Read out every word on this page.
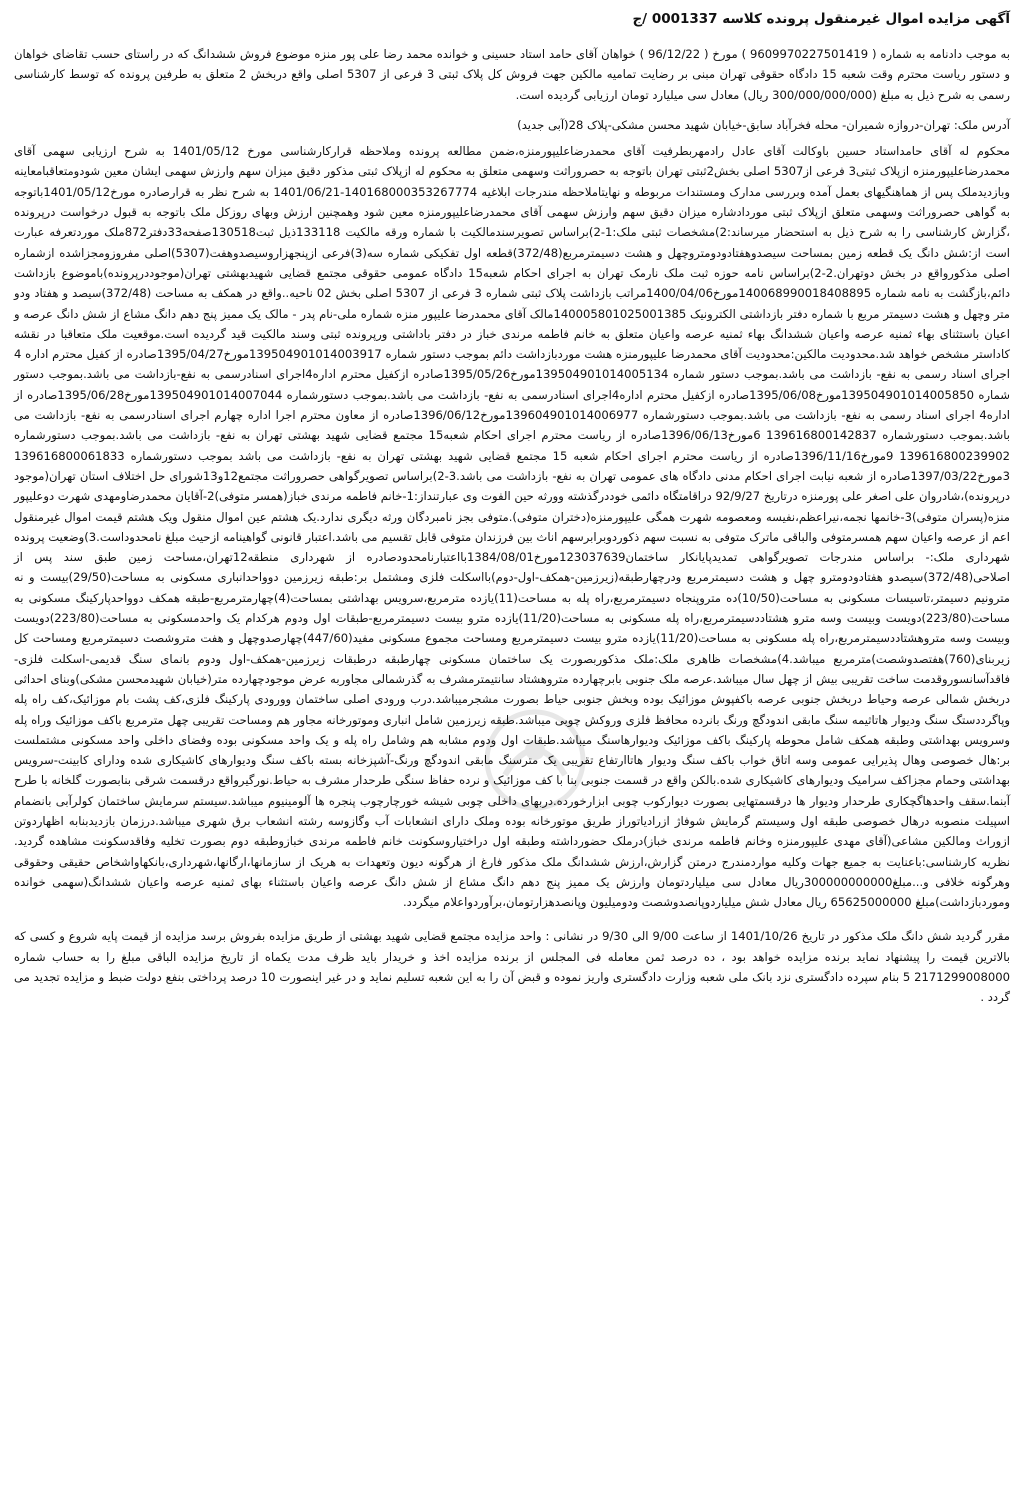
آگهی مزایده اموال غیرمنقول پرونده کلاسه 0001337 /ج

به موجب دادنامه به شماره ( 9609970227501419 ) مورخ ( 96/12/22 ) خواهان آقای حامد استاد حسینی و خوانده محمد رضا علی پور منزه موضوع فروش ششدانگ که در راستای حسب تقاضای خواهان و دستور ریاست محترم وقت شعبه 15 دادگاه حقوقی تهران مبنی بر رضایت تمامیه مالکین جهت فروش کل پلاک ثبتی 3 فرعی از 5307 اصلی واقع دربخش 2 متعلق به طرفین پرونده که توسط کارشناسی رسمی به شرح ذیل به مبلغ (300/000/000/000 ریال) معادل سی میلیارد تومان ارزیابی گردیده است.

آدرس ملک: تهران-دروازه شمیران- محله فخرآباد سابق-خیابان شهید محسن مشکی-پلاک 28(آبی جدید)

محکوم له آقای حامداستاد حسین باوکالت آقای عادل رادمهربطرفیت آقای محمدرضاعلیپورمنزه،ضمن مطالعه پرونده وملاحظه قرارکارشناسی مورخ 1401/05/12 به شرح ارزیابی سهمی آقای محمدرضاعلیپورمنزه ازپلاک ثبتی3 فرعی از5307 اصلی بخش2ثبتی تهران باتوجه به حصروراثت وسهمی متعلق به محکوم له ازپلاک ثبتی مذکور دقیق میزان سهم وارزش سهمی ایشان معین شودومتعاقبامعاینه وبازدیدملک پس از هماهنگیهای بعمل آمده وبررسی مدارک ومستندات مربوطه و نهایتاملاحظه مندرجات ابلاغیه 140168000353267774-1401/06/21 به شرح نظر به قرارصادره مورخ1401/05/12باتوجه به گواهی حصروراثت وسهمی متعلق ازپلاک ثبتی موردادشاره میزان دقیق سهم وارزش سهمی آقای محمدرضاعلیپورمنزه معین شود وهمچنین ارزش وبهای روزکل ملک باتوجه به قبول درخواست درپرونده ،گزارش کارشناسی را به شرح ذیل به استحضار میرساند:2)مشخصات ثبتی ملک:1-2)براساس تصویرسندمالکیت با شماره ورقه مالکیت 133118ذیل ثبت130518صفحه33دفتر872ملک موردتعرفه عبارت است از:شش دانگ یک قطعه زمین بمساحت سیصدوهفتادودومتروچهل و هشت دسیمترمربع(372/48)قطعه اول تفکیکی شماره سه(3)فرعی ازپنجهزاروسیصدوهفت(5307)اصلی مفروزومجزاشده ازشماره اصلی مذکورواقع در بخش دوتهران.2-2)براساس نامه حوزه ثبت ملک نارمک تهران به اجرای احکام شعبه15 دادگاه عمومی حقوقی مجتمع قضایی شهیدبهشتی تهران(موجوددرپرونده)باموضوع بازداشت دائم،بازگشت به نامه شماره 140068990018408895مورخ1400/04/06مراتب بازداشت پلاک ثبتی شماره 3 فرعی از 5307 اصلی بخش 02 ناحیه..واقع در همکف به مساحت (372/48)سیصد و هفتاد ودو متر وچهل و هشت دسیمتر مربع با شماره دفتر بازداشتی الکترونیک 140005801025001385مالک آقای محمدرضا علیپور منزه شماره ملی-نام پدر - مالک یک ممیز پنج دهم دانگ مشاع از شش دانگ عرصه و اعیان باستثنای بهاء ثمنیه عرصه واعیان ششدانگ بهاء ثمنیه عرصه واعیان متعلق به خانم فاطمه مرندی خباز در دفتر باداشتی ورپرونده ثبتی وسند مالکیت قید گردیده است.موقعیت ملک متعاقبا در نقشه کاداستر مشخص خواهد شد.محدودیت مالکین:محدودیت آقای محمدرضا علیپورمنزه هشت موردبازداشت دائم بموجب دستور شماره 139504901014003917مورخ1395/04/27صادره از کفیل محترم اداره 4 اجرای اسناد رسمی به نفع- بازداشت می باشد.بموجب دستور شماره 139504901014005134مورخ1395/05/26صادره ازکفیل محترم اداره4اجرای اسنادرسمی به نفع-بازداشت می باشد.بموجب دستور شماره 139504901014005850مورخ1395/06/08صادره ازکفیل محترم اداره4اجرای اسنادرسمی به نفع- بازداشت می باشد.بموجب دستورشماره 139504901014007044مورخ1395/06/28صادره از اداره4 اجرای اسناد رسمی به نفع- بازداشت می باشد.بموجب دستورشماره 139604901014006977مورخ1396/06/12صادره از معاون محترم اجرا اداره چهارم اجرای اسنادرسمی به نفع- بازداشت می باشد.بموجب دستورشماره 139616800142837 6مورخ1396/06/13صادره از ریاست محترم اجرای احکام شعبه15 مجتمع قضایی شهید بهشتی تهران به نفع- بازداشت می باشد.بموجب دستورشماره 139616800239902 9مورخ1396/11/16صادره از ریاست محترم اجرای احکام شعبه 15 مجتمع قضایی شهید بهشتی تهران به نفع- بازداشت می باشد بموجب دستورشماره 139616800061833 3مورخ1397/03/22صادره از شعبه نیابت اجرای احکام مدنی دادگاه های عمومی تهران به نفع- بازداشت می باشد.3-2)براساس تصویرگواهی حصروراثت مجتمع12و13شورای حل اختلاف استان تهران(موجود درپرونده)،شادروان علی اصغر علی پورمنزه درتاریخ 92/9/27 دراقامتگاه دائمی خوددرگذشته وورثه حین الفوت وی عبارتنداز:1-خانم فاطمه مرندی خباز(همسر متوفی)2-آقایان محمدرضاومهدی شهرت دوعلیپور منزه(پسران متوفی)3-خانمها نجمه،نیراعظم،نفیسه ومعصومه شهرت همگی علیپورمنزه(دختران متوفی).متوفی بجز نامبردگان ورثه دیگری ندارد.یک هشتم عین اموال منقول ویک هشتم قیمت اموال غیرمنقول اعم از عرصه واعیان سهم همسرمتوفی والباقی ماترک متوفی به نسبت سهم ذکوردوبرابرسهم اناث بین فرزندان متوفی قابل تقسیم می باشد.اعتبار قانونی گواهینامه ازحیث مبلغ نامحدوداست.3)وضعیت پرونده شهرداری ملک:- براساس مندرجات تصویرگواهی تمدیدپایانکار ساختمان123037639مورخ1384/08/01بااعتبارنامحدودصادره از شهرداری منطقه12تهران،مساحت زمین طبق سند پس از اصلاحی(372/48)سیصدو هفتادودومترو چهل و هشت دسیمترمربع ودرچهارطبقه(زیرزمین-همکف-اول-دوم)بااسکلت فلزی ومشتمل بر:طبقه زیرزمین دوواحدانباری مسکونی به مساحت(29/50)بیست و نه مترونیم دسیمتر،تاسیسات مسکونی به مساحت(10/50)ده متروپنجاه دسیمترمربع،راه پله به مساحت(11)یازده مترمربع،سرویس بهداشتی بمساحت(4)چهارمترمربع-طبقه همکف دوواحدپارکینگ مسکونی به مساحت(223/80)دویست وبیست وسه مترو هشتاددسیمترمربع،راه پله مسکونی به مساحت(11/20)یازده مترو بیست دسیمترمربع-طبقات اول ودوم هرکدام یک واحدمسکونی به مساحت(223/80)دویست وبیست وسه متروهشتاددسیمترمربع،راه پله مسکونی به مساحت(11/20)یازده مترو بیست دسیمترمربع ومساحت مجموع مسکونی مفید(447/60)چهارصدوچهل و هفت متروشصت دسیمترمربع ومساحت کل زیربنای(760)هفتصدوشصت)مترمربع میباشد.4)مشخصات ظاهری ملک:ملک مذکوربصورت یک ساختمان مسکونی چهارطبقه درطبقات زیرزمین-همکف-اول ودوم بانمای سنگ قدیمی-اسکلت فلزی-فاقدآسانسوروقدمت ساخت تقریبی بیش از چهل سال میباشد.عرصه ملک جنوبی بابرچهارده متروهشتاد سانتیمترمشرف به گذرشمالی مجاوربه عرض موجودچهارده متر(خیابان شهیدمحسن مشکی)وبنای احداثی دربخش شمالی عرصه وحیاط دربخش جنوبی عرصه باکفپوش موزائیک بوده وبخش جنوبی حیاط بصورت مشجرمیباشد.درب ورودی اصلی ساختمان وورودی پارکینگ فلزی،کف پشت بام موزائیک،کف راه پله وپاگرددستگ سنگ ودیوار هاتاثیمه سنگ مابقی اندودگچ ورنگ بانرده محافظ فلزی وروکش چوبی میباشد.طبقه زیرزمین شامل انباری وموتورخانه مجاور هم ومساحت تقریبی چهل مترمربع باکف موزائیک وراه پله وسرویس بهداشتی وطبقه همکف شامل محوطه پارکینگ باکف موزائیک ودیوارهاسنگ میباشد.طبقات اول ودوم مشابه هم وشامل راه پله و یک واحد مسکونی بوده وفضای داخلی واحد مسکونی مشتملست بر:هال خصوصی وهال پذیرایی عمومی وسه اتاق خواب باکف سنگ ودیوار هاتاارتفاع تقریبی یک مترسنگ مابقی اندودگچ ورنگ-آشپزخانه بسته باکف سنگ ودیوارهای کاشیکاری شده ودارای کابینت-سرویس بهداشتی وحمام مجزاکف سرامیک ودیوارهای کاشیکاری شده.بالکن واقع در قسمت جنوبی بنا با کف موزائیک و نرده حفاظ سنگی طرحدار مشرف به حیاط.نورگیرواقع درقسمت شرقی بنابصورت گلخانه با طرح آبنما.سقف واحدهاگچکاری طرحدار ودیوار ها درقسمتهایی بصورت دیوارکوب چوبی ابزارخورده.دربهای داخلی چوبی شیشه خورچارچوب پنجره ها آلومینیوم میباشد.سیستم سرمایش ساختمان کولرآبی بانضمام اسپیلت منصوبه درهال خصوصی طبقه اول وسیستم گرمایش شوفاژ ازرادیاتوراز طریق موتورخانه بوده وملک دارای انشعابات آب وگازوسه رشته انشعاب برق شهری میباشد.درزمان بازدیدبنابه اظهاردوتن ازوراث ومالکین مشاعی(آقای مهدی علیپورمنزه وخانم فاطمه مرندی خباز)درملک حضورداشته وطبقه اول دراختیاروسکونت خانم فاطمه مرندی خبازوطبقه دوم بصورت تخلیه وفاقدسکونت مشاهده گردید. نظریه کارشناسی:باعنایت به جمیع جهات وکلیه مواردمندرج درمتن گزارش،ارزش ششدانگ ملک مذکور فارغ از هرگونه دیون وتعهدات به هریک از سازمانها،ارگانها،شهرداری،بانکهاواشخاص حقیقی وحقوقی وهرگونه خلافی و...مبلغ300000000000ریال معادل سی میلیاردتومان وارزش یک ممیز پنج دهم دانگ مشاع از شش دانگ عرصه واعیان باستثناء بهای ثمنیه عرصه واعیان ششدانگ(سهمی خوانده وموردبازداشت)مبلغ 65625000000 ریال معادل شش میلیاردوپانصدوشصت ودومیلیون وپانصدهزارتومان،برآوردواعلام میگردد.

مقرر گردید شش دانگ ملک مذکور در تاریخ 1401/10/26 از ساعت 9/00 الی 9/30 در نشانی : واحد مزایده مجتمع قضایی شهید بهشتی از طریق مزایده بفروش برسد مزایده از قیمت پایه شروع و کسی که بالاترین قیمت را پیشنهاد نماید برنده مزایده خواهد بود ، ده درصد ثمن معامله فی المجلس از برنده مزایده اخذ و خریدار باید ظرف مدت یکماه از تاریخ مزایده الباقی مبلغ را به حساب شماره 2171299008000 5 بنام سپرده دادگستری نزد بانک ملی شعبه وزارت دادگستری واریز نموده و قبض آن را به این شعبه تسلیم نماید و در غیر اینصورت 10 درصد پرداختی بنفع دولت ضبط و مزایده تجدید می گردد .
